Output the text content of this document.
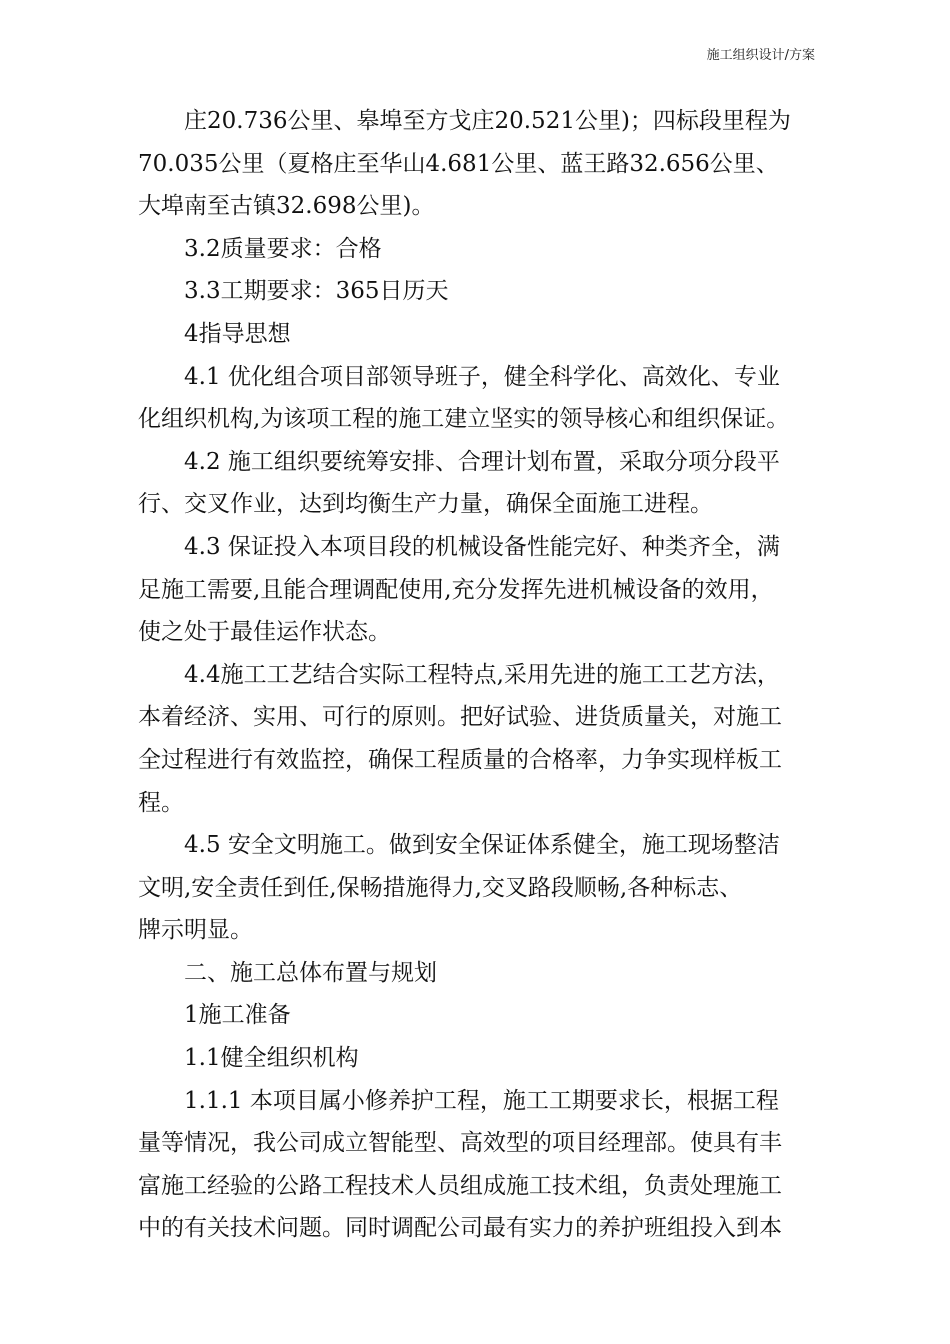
施工组织设计/方案
庄20.736公里、皋埠至方戈庄20.521公里)；四标段里程为
70.035公里（夏格庄至华山4.681公里、蓝王路32.656公里、
大埠南至古镇32.698公里)。
3.2质量要求：合格
3.3工期要求：365日历天
4指导思想
4.1 优化组合项目部领导班子，健全科学化、高效化、专业
化组织机构,为该项工程的施工建立坚实的领导核心和组织保证。
4.2 施工组织要统筹安排、合理计划布置，采取分项分段平
行、交叉作业，达到均衡生产力量，确保全面施工进程。
4.3 保证投入本项目段的机械设备性能完好、种类齐全，满
足施工需要,且能合理调配使用,充分发挥先进机械设备的效用，
使之处于最佳运作状态。
4.4施工工艺结合实际工程特点,采用先进的施工工艺方法，
本着经济、实用、可行的原则。把好试验、进货质量关，对施工
全过程进行有效监控，确保工程质量的合格率，力争实现样板工
程。
4.5 安全文明施工。做到安全保证体系健全，施工现场整洁
文明,安全责任到任,保畅措施得力,交叉路段顺畅,各种标志、
牌示明显。
二、施工总体布置与规划
1施工准备
1.1健全组织机构
1.1.1 本项目属小修养护工程，施工工期要求长，根据工程
量等情况，我公司成立智能型、高效型的项目经理部。使具有丰
富施工经验的公路工程技术人员组成施工技术组，负责处理施工
中的有关技术问题。同时调配公司最有实力的养护班组投入到本
